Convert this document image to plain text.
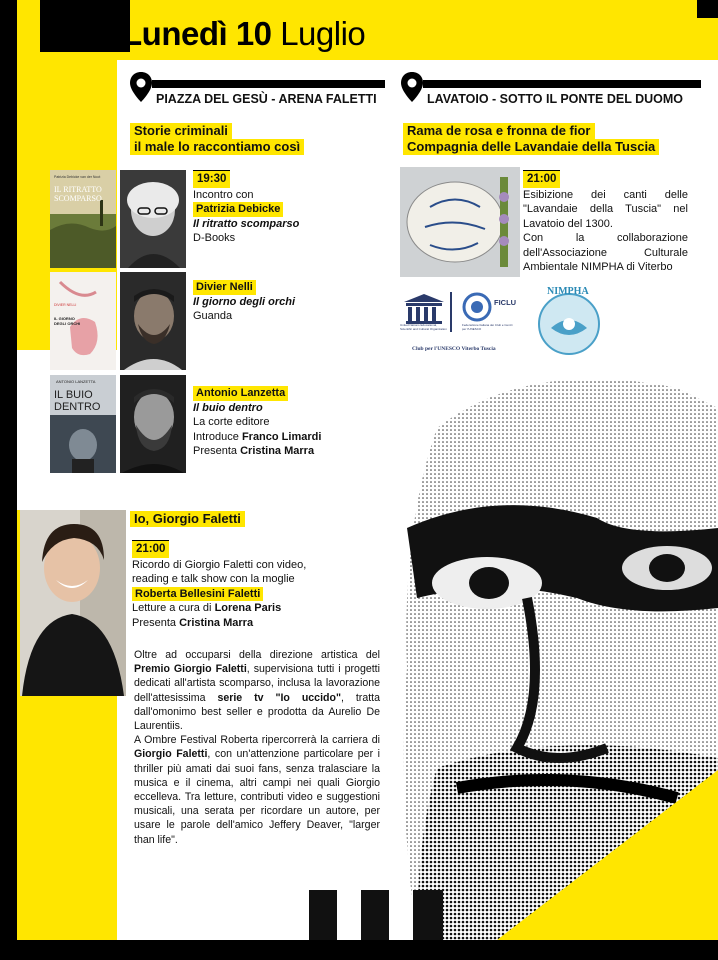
Lunedì 10 Luglio
PIAZZA DEL GESÙ - ARENA FALETTI	LAVATOIO - SOTTO IL PONTE DEL DUOMO
Storie criminali
il male lo raccontiamo così
Patrizia Debicke van der Noot
IL RITRATTO
SCOMPARSO
19:30
Incontro con
Patrizia Debicke
Il ritratto scomparso
D-Books
DIVIER NELLI
IL GIORNO
DEGLI ORCHI
Divier Nelli
Il giorno degli orchi
Guanda
ANTONIO LANZETTA
IL BUIO
DENTRO
Antonio Lanzetta
Il buio dentro
La corte editore
Introduce Franco Limardi
Presenta Cristina Marra
Rama de rosa e fronna de fior
Compagnia delle Lavandaie della Tuscia
21:00

Esibizione dei canti delle "Lavandaie della Tuscia" nel Lavatoio del 1300.
Con la collaborazione dell'Associazione Culturale Ambientale NIMPHA di Viterbo
FICLU
United Nations Educational, Scientific and Cultural Organization
Federazione Italiana dei Club e Centri per l'UNESCO
Club per l'UNESCO Viterbo Tuscia
NIMPHA
Io, Giorgio Faletti
21:00
Ricordo di Giorgio Faletti con video,
reading e talk show con la moglie
Roberta Bellesini Faletti
Letture a cura di Lorena Paris
Presenta Cristina Marra

Oltre ad occuparsi della direzione artistica del Premio Giorgio Faletti, supervisiona tutti i progetti dedicati all'artista scomparso, inclusa la lavorazione dell'attesissima serie tv "Io uccido", tratta dall'omonimo best seller e prodotta da Aurelio De Laurentiis.

A Ombre Festival Roberta ripercorrerà la carriera di Giorgio Faletti, con un'attenzione particolare per i thriller più amati dai suoi fans, senza tralasciare la musica e il cinema, altri campi nei quali Giorgio eccelleva. Tra letture, contributi video e suggestioni musicali, una serata per ricordare un autore, per usare le parole dell'amico Jeffery Deaver, "larger than life".
